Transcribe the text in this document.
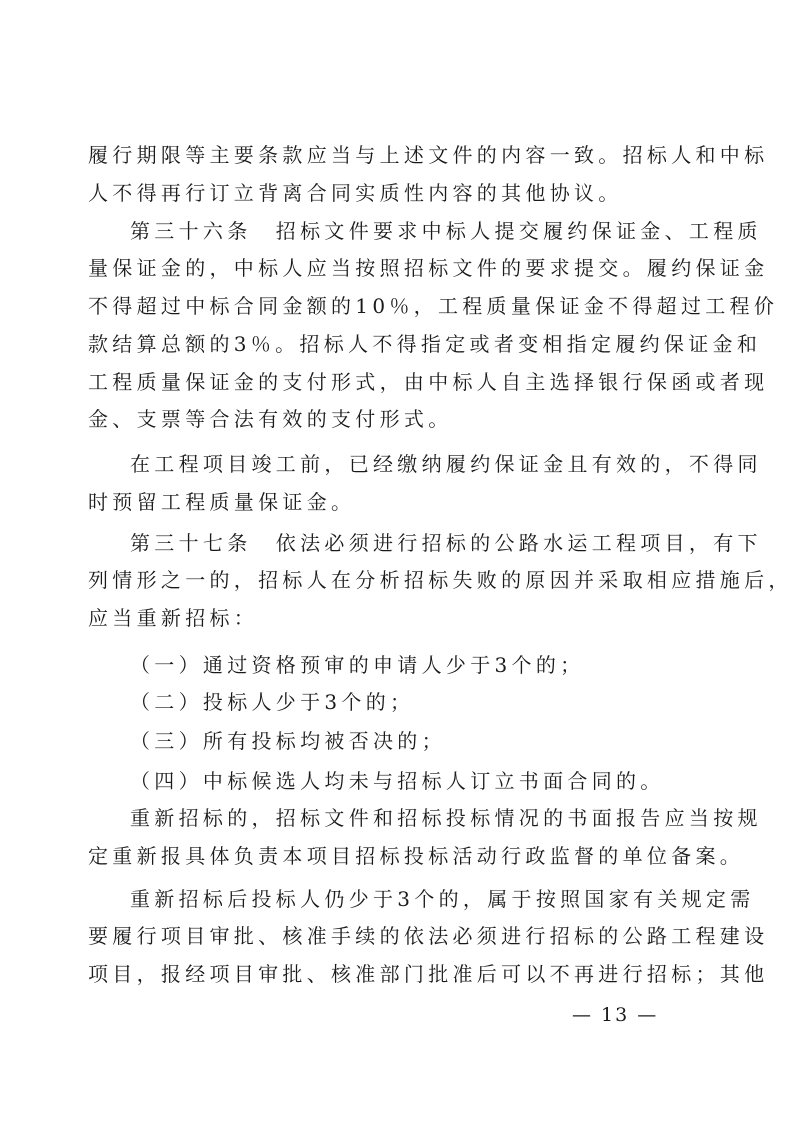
履行期限等主要条款应当与上述文件的内容一致。招标人和中标
人不得再行订立背离合同实质性内容的其他协议。
第三十六条　招标文件要求中标人提交履约保证金、工程质
量保证金的，中标人应当按照招标文件的要求提交。履约保证金
不得超过中标合同金额的10％，工程质量保证金不得超过工程价
款结算总额的3％。招标人不得指定或者变相指定履约保证金和
工程质量保证金的支付形式，由中标人自主选择银行保函或者现
金、支票等合法有效的支付形式。
在工程项目竣工前，已经缴纳履约保证金且有效的，不得同
时预留工程质量保证金。
第三十七条　依法必须进行招标的公路水运工程项目，有下
列情形之一的，招标人在分析招标失败的原因并采取相应措施后，
应当重新招标：
（一）通过资格预审的申请人少于3个的；
（二）投标人少于3个的；
（三）所有投标均被否决的；
（四）中标候选人均未与招标人订立书面合同的。
重新招标的，招标文件和招标投标情况的书面报告应当按规
定重新报具体负责本项目招标投标活动行政监督的单位备案。
重新招标后投标人仍少于3个的，属于按照国家有关规定需
要履行项目审批、核准手续的依法必须进行招标的公路工程建设
项目，报经项目审批、核准部门批准后可以不再进行招标；其他
— 13 —
